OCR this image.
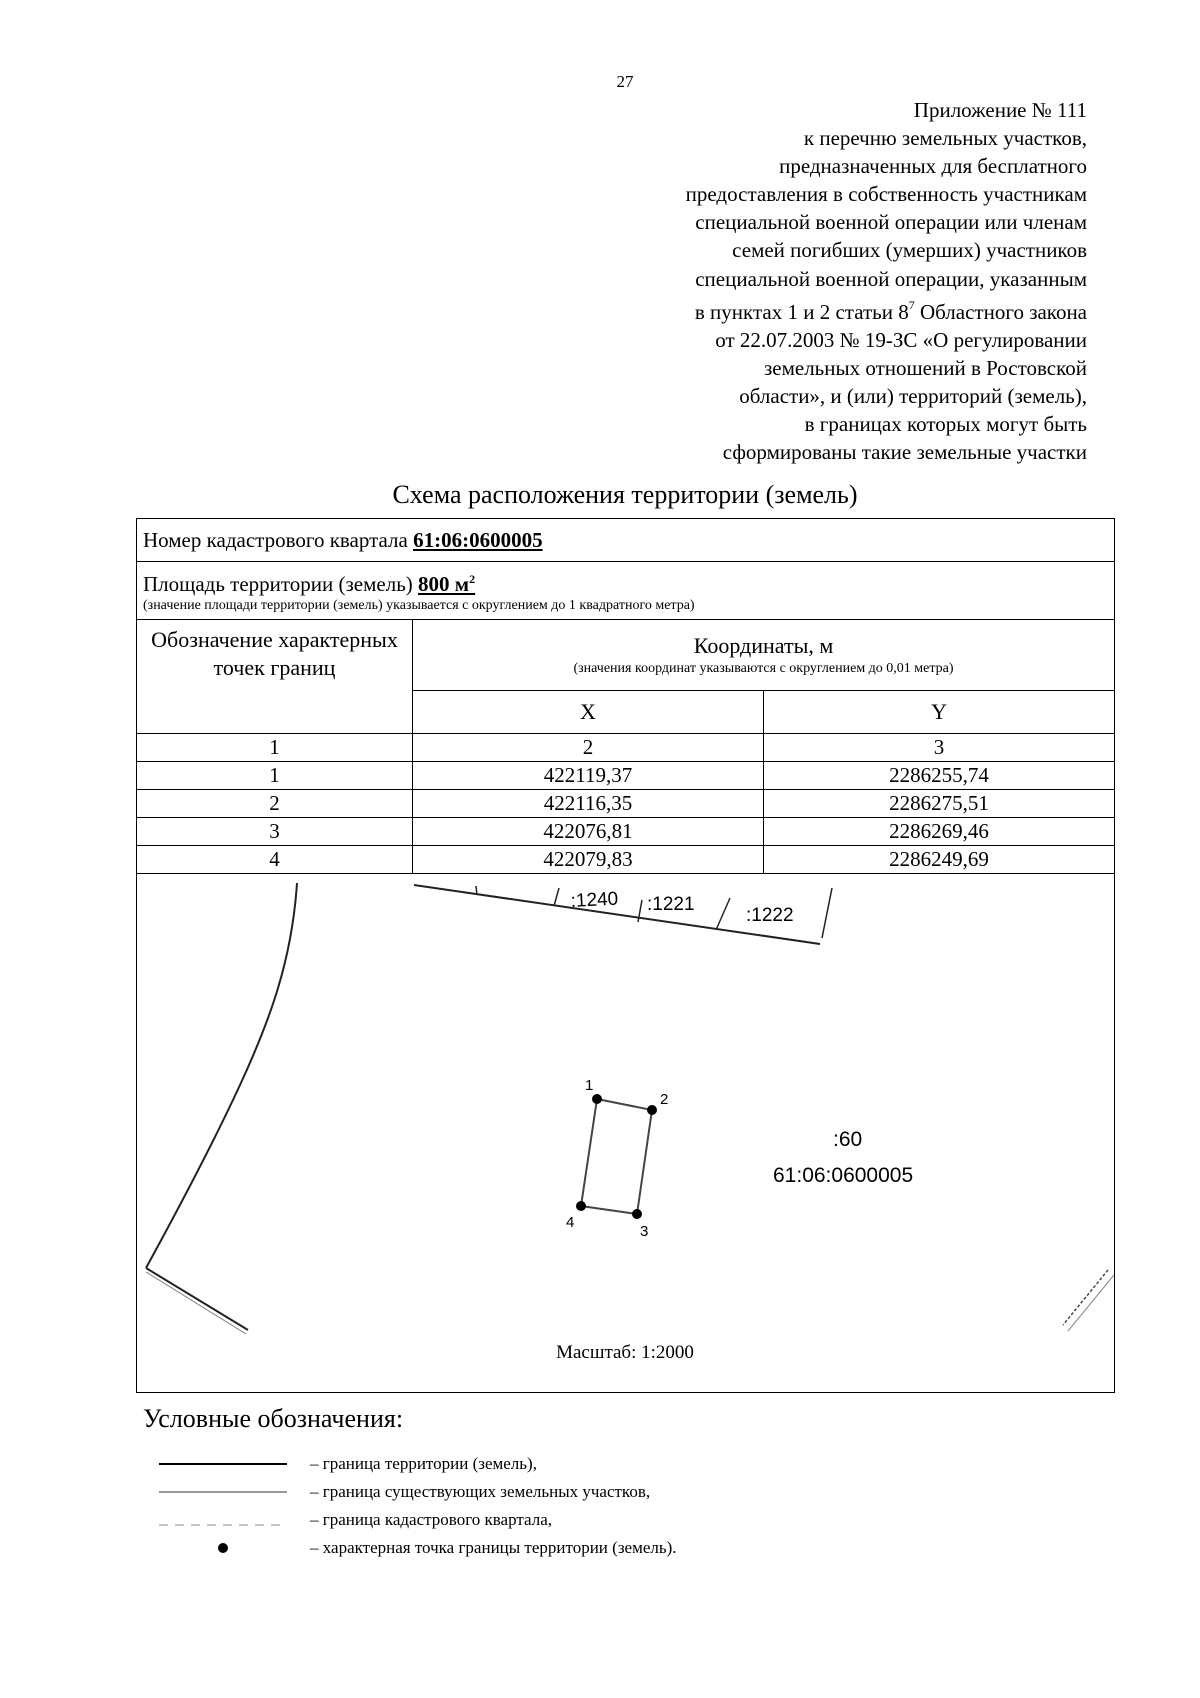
27
Приложение № 111
к перечню земельных участков,
предназначенных для бесплатного
предоставления в собственность участникам
специальной военной операции или членам
семей погибших (умерших) участников
специальной военной операции, указанным
в пунктах 1 и 2 статьи $8^7$ Областного закона
от 22.07.2003 № 19-ЗС «О регулировании
земельных отношений в Ростовской
области», и (или) территорий (земель),
в границах которых могут быть
сформированы такие земельные участки
Схема расположения территории (земель)
Номер кадастрового квартала 61:06:0600005		
Площадь территории (земель) 800 $м^2$
(значение площади территории (земель) указывается с округлением до 1 квадратного метра)		

Обозначение характерных точек границ	Координаты, м
(значения координат указываются с округлением до 0,01 метра)	

	X	Y
1	2	3
1	422119,37	2286255,74
2	422116,35	2286275,51
3	422076,81	2286269,46
4	422079,83	2286249,69

:1240 :1221
:1222
:60
61:06:0600005
1
2
3
4
Масштаб: 1:2000
Условные обозначения:
– граница территории (земель),
– граница существующих земельных участков,
– граница кадастрового квартала,
– характерная точка границы территории (земель).
